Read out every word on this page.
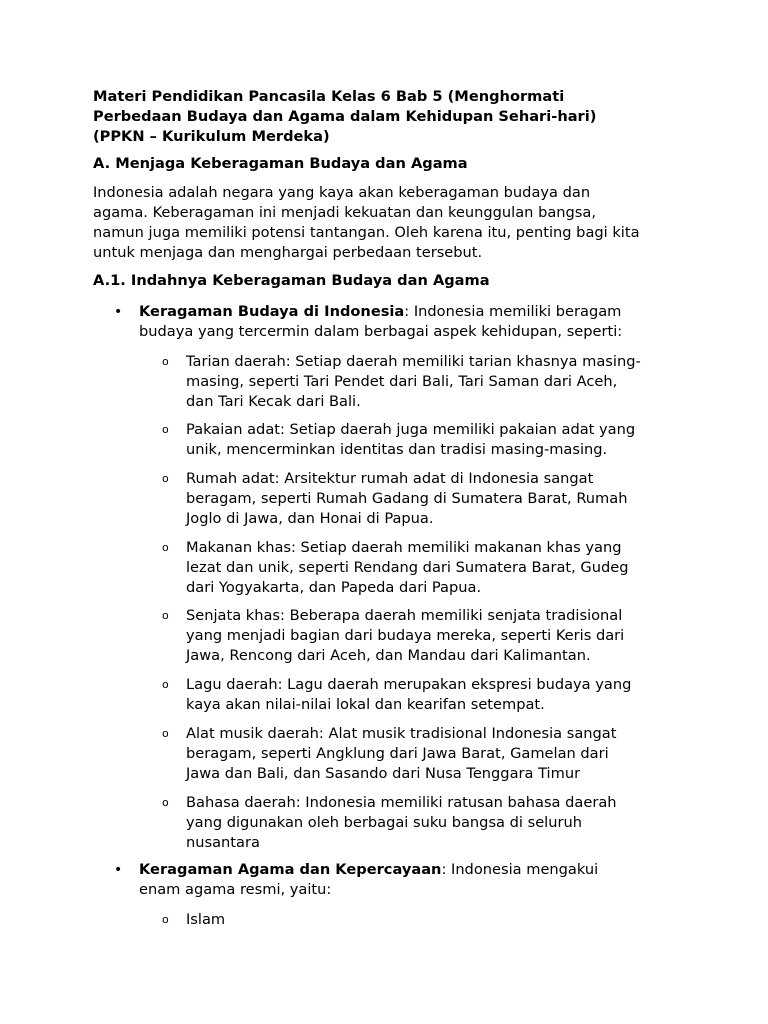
Materi Pendidikan Pancasila Kelas 6 Bab 5 (Menghormati
Perbedaan Budaya dan Agama dalam Kehidupan Sehari-hari)
(PPKN – Kurikulum Merdeka)
A. Menjaga Keberagaman Budaya dan Agama
Indonesia adalah negara yang kaya akan keberagaman budaya dan
agama. Keberagaman ini menjadi kekuatan dan keunggulan bangsa,
namun juga memiliki potensi tantangan. Oleh karena itu, penting bagi kita
untuk menjaga dan menghargai perbedaan tersebut.
A.1. Indahnya Keberagaman Budaya dan Agama
• Keragaman Budaya di Indonesia: Indonesia memiliki beragam
budaya yang tercermin dalam berbagai aspek kehidupan, seperti:
o Tarian daerah: Setiap daerah memiliki tarian khasnya masing-
masing, seperti Tari Pendet dari Bali, Tari Saman dari Aceh,
dan Tari Kecak dari Bali.
o Pakaian adat: Setiap daerah juga memiliki pakaian adat yang
unik, mencerminkan identitas dan tradisi masing-masing.
o Rumah adat: Arsitektur rumah adat di Indonesia sangat
beragam, seperti Rumah Gadang di Sumatera Barat, Rumah
Joglo di Jawa, dan Honai di Papua.
o Makanan khas: Setiap daerah memiliki makanan khas yang
lezat dan unik, seperti Rendang dari Sumatera Barat, Gudeg
dari Yogyakarta, dan Papeda dari Papua.
o Senjata khas: Beberapa daerah memiliki senjata tradisional
yang menjadi bagian dari budaya mereka, seperti Keris dari
Jawa, Rencong dari Aceh, dan Mandau dari Kalimantan.
o Lagu daerah: Lagu daerah merupakan ekspresi budaya yang
kaya akan nilai-nilai lokal dan kearifan setempat.
o Alat musik daerah: Alat musik tradisional Indonesia sangat
beragam, seperti Angklung dari Jawa Barat, Gamelan dari
Jawa dan Bali, dan Sasando dari Nusa Tenggara Timur
o Bahasa daerah: Indonesia memiliki ratusan bahasa daerah
yang digunakan oleh berbagai suku bangsa di seluruh
nusantara
• Keragaman Agama dan Kepercayaan: Indonesia mengakui
enam agama resmi, yaitu:
o Islam
